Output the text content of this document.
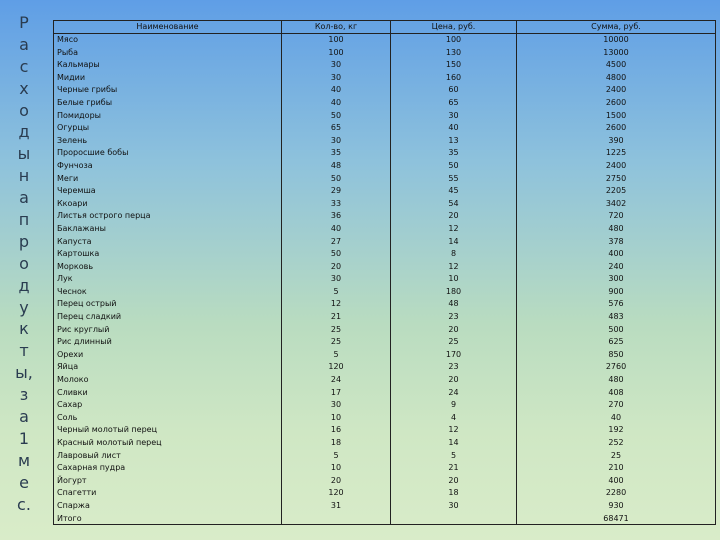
Р
а
с
х
о
д
ы
н
а
п
р
о
д
у
к
т
ы,
з
а
1
м
е
с.
Наименование	Кол-во, кг	Цена, руб.	Сумма, руб.
Мясо	100	100	10000
Рыба	100	130	13000
Кальмары	30	150	4500
Мидии	30	160	4800
Черные грибы	40	60	2400
Белые грибы	40	65	2600
Помидоры	50	30	1500
Огурцы	65	40	2600
Зелень	30	13	390
Проросшие бобы	35	35	1225
Фунчоза	48	50	2400
Меги	50	55	2750
Черемша	29	45	2205
Ккоари	33	54	3402
Листья острого перца	36	20	720
Баклажаны	40	12	480
Капуста	27	14	378
Картошка	50	8	400
Морковь	20	12	240
Лук	30	10	300
Чеснок	5	180	900
Перец острый	12	48	576
Перец сладкий	21	23	483
Рис круглый	25	20	500
Рис длинный	25	25	625
Орехи	5	170	850
Яйца	120	23	2760
Молоко	24	20	480
Сливки	17	24	408
Сахар	30	9	270
Соль	10	4	40
Черный молотый перец	16	12	192
Красный молотый перец	18	14	252
Лавровый лист	5	5	25
Сахарная пудра	10	21	210
Йогурт	20	20	400
Спагетти	120	18	2280
Спаржа	31	30	930
Итого			68471
